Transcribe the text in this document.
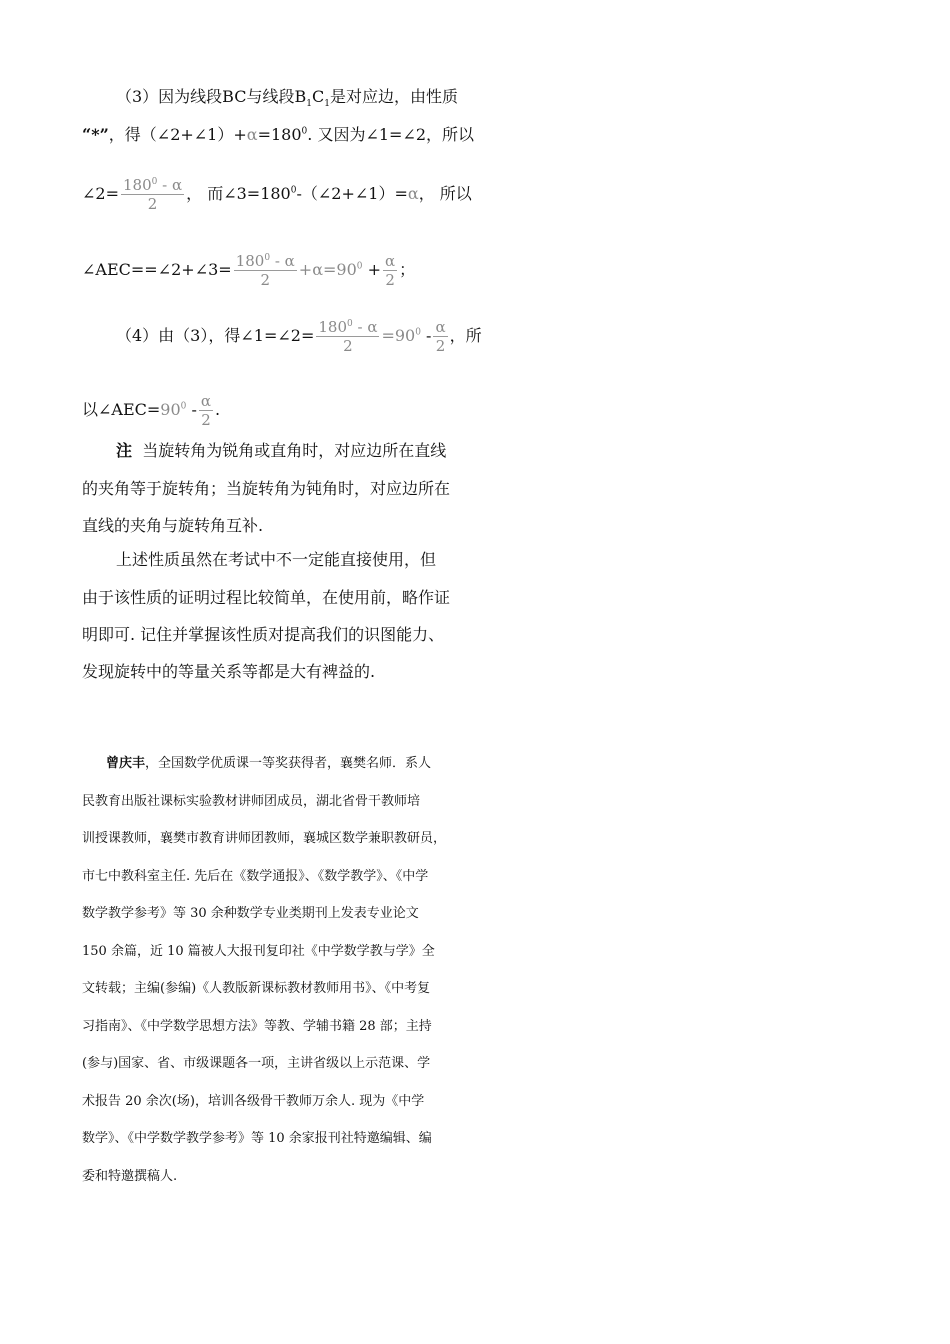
（3）因为线段BC与线段$B_1C_1$是对应边，由性质
“*”，得$(\angle 2+\angle 1)+\alpha=180^0$. 又因为∠1=∠2，所以
∠2= $\frac{180^0 - \alpha}{2}$ ， 而$\angle 3=180^0-(\angle 2+\angle 1)=\alpha$， 所以
∠AEC==∠2+∠3= $\frac{180^0 - \alpha}{2} +\alpha=90^0 + \frac{\alpha}{2}$ ；
（4）由（3），得∠1=∠2= $\frac{180^0 - \alpha}{2} =90^0 - \frac{\alpha}{2}$ ，所
以$\angle AEC=90^0 - \frac{\alpha}{2}$ .
注 当旋转角为锐角或直角时，对应边所在直线
的夹角等于旋转角；当旋转角为钝角时，对应边所在
直线的夹角与旋转角互补.
上述性质虽然在考试中不一定能直接使用，但
由于该性质的证明过程比较简单，在使用前，略作证
明即可. 记住并掌握该性质对提高我们的识图能力、
发现旋转中的等量关系等都是大有裨益的.
曾庆丰，全国数学优质课一等奖获得者，襄樊名师．系人
民教育出版社课标实验教材讲师团成员，湖北省骨干教师培
训授课教师，襄樊市教育讲师团教师，襄城区数学兼职教研员，
市七中教科室主任. 先后在《数学通报》、《数学教学》、《中学
数学教学参考》等 30 余种数学专业类期刊上发表专业论文
150 余篇，近 10 篇被人大报刊复印社《中学数学教与学》全
文转载；主编(参编)《人教版新课标教材教师用书》、《中考复
习指南》、《中学数学思想方法》等教、学辅书籍 28 部；主持
(参与)国家、省、市级课题各一项，主讲省级以上示范课、学
术报告 20 余次(场)，培训各级骨干教师万余人. 现为《中学
数学》、《中学数学教学参考》等 10 余家报刊社特邀编辑、编
委和特邀撰稿人.
